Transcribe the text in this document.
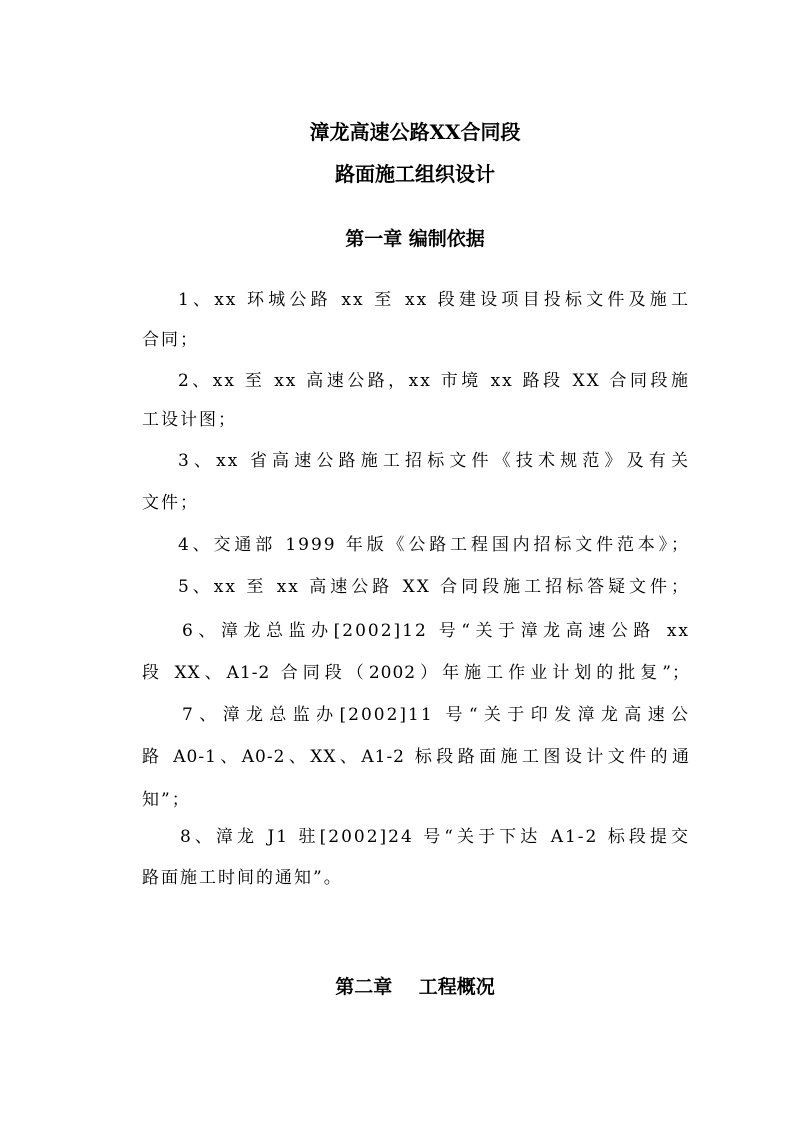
漳龙高速公路XX合同段
路面施工组织设计
第一章 编制依据
1、xx 环城公路 xx 至 xx 段建设项目投标文件及施工
合同；
2、xx 至 xx 高速公路，xx 市境 xx 路段 XX 合同段施
工设计图；
3、xx 省高速公路施工招标文件《技术规范》及有关
文件；
4、交通部 1999 年版《公路工程国内招标文件范本》；
5、xx 至 xx 高速公路 XX 合同段施工招标答疑文件；
6、漳龙总监办[2002]12 号“关于漳龙高速公路 xx
段 XX、A1-2 合同段（2002）年施工作业计划的批复”；
7、漳龙总监办[2002]11 号“关于印发漳龙高速公
路 A0-1、A0-2、XX、A1-2 标段路面施工图设计文件的通
知”；
8、漳龙 J1 驻[2002]24 号“关于下达 A1-2 标段提交
路面施工时间的通知”。
第二章    工程概况
